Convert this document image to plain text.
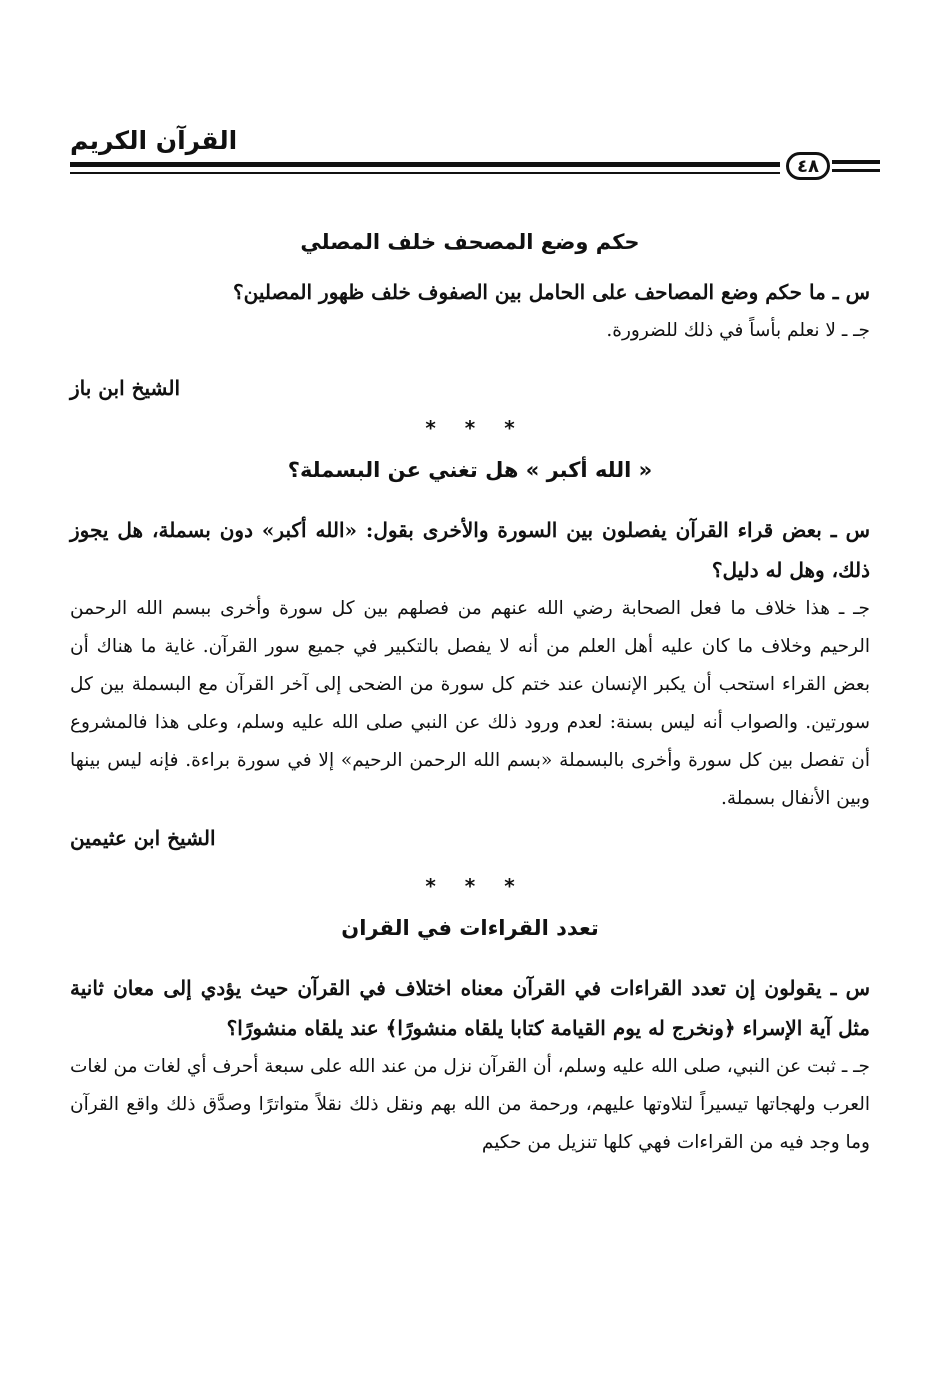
القرآن الكريم
٤٨
حكم وضع المصحف خلف المصلي

س ـ ما حكم وضع المصاحف على الحامل بين الصفوف خلف ظهور المصلين؟

جـ ـ لا نعلم بأساً في ذلك للضرورة.

الشيخ ابن باز

* * *

« الله أكبر » هل تغني عن البسملة؟

س ـ بعض قراء القرآن يفصلون بين السورة والأخرى بقول: «الله أكبر» دون بسملة، هل يجوز ذلك، وهل له دليل؟

جـ ـ هذا خلاف ما فعل الصحابة رضي الله عنهم من فصلهم بين كل سورة وأخرى ببسم الله الرحمن الرحيم وخلاف ما كان عليه أهل العلم من أنه لا يفصل بالتكبير في جميع سور القرآن. غاية ما هناك أن بعض القراء استحب أن يكبر الإنسان عند ختم كل سورة من الضحى إلى آخر القرآن مع البسملة بين كل سورتين. والصواب أنه ليس بسنة: لعدم ورود ذلك عن النبي صلى الله عليه وسلم، وعلى هذا فالمشروع أن تفصل بين كل سورة وأخرى بالبسملة «بسم الله الرحمن الرحيم» إلا في سورة براءة. فإنه ليس بينها وبين الأنفال بسملة.

الشيخ ابن عثيمين

* * *

تعدد القراءات في القران

س ـ يقولون إن تعدد القراءات في القرآن معناه اختلاف في القرآن حيث يؤدي إلى معان ثانية مثل آية الإسراء ﴿ونخرج له يوم القيامة كتابا يلقاه منشورًا﴾ عند يلقاه منشورًا؟

جـ ـ ثبت عن النبي، صلى الله عليه وسلم، أن القرآن نزل من عند الله على سبعة أحرف أي لغات من لغات العرب ولهجاتها تيسيراً لتلاوتها عليهم، ورحمة من الله بهم ونقل ذلك نقلاً متواترًا وصدَّق ذلك واقع القرآن وما وجد فيه من القراءات فهي كلها تنزيل من حكيم
